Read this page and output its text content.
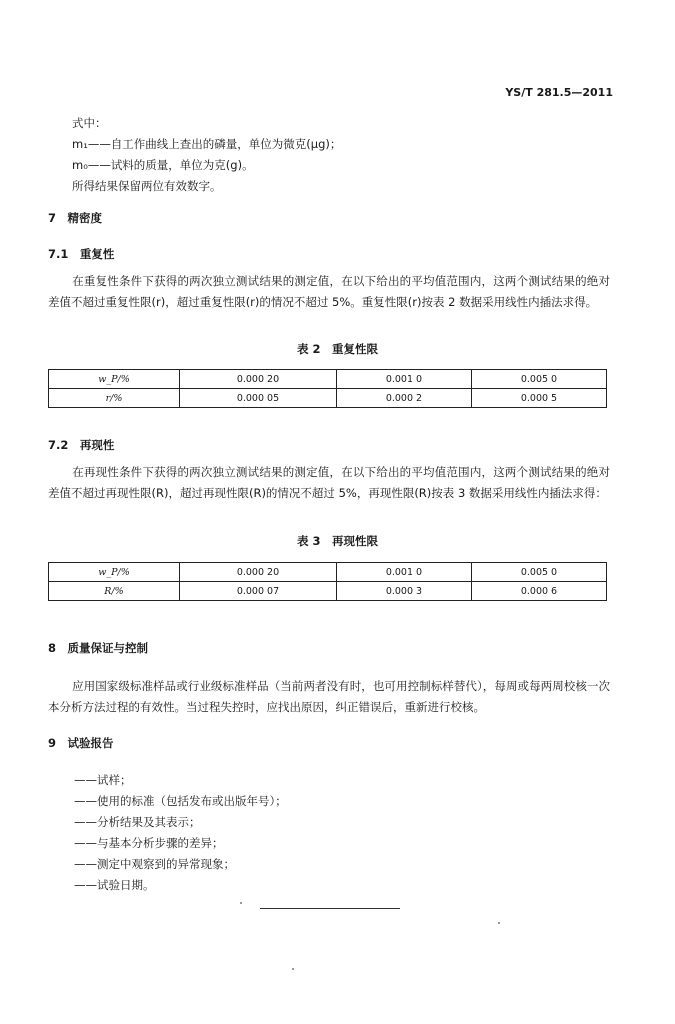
YS/T 281.5—2011
式中：
m₁——自工作曲线上查出的磷量，单位为微克(μg)；
m₀——试料的质量，单位为克(g)。
所得结果保留两位有效数字。
7　精密度
7.1　重复性
在重复性条件下获得的两次独立测试结果的测定值，在以下给出的平均值范围内，这两个测试结果的绝对差值不超过重复性限(r)，超过重复性限(r)的情况不超过 5%。重复性限(r)按表 2 数据采用线性内插法求得。
表 2　重复性限
w_P/%	0.000 20	0.001 0	0.005 0
r/%	0.000 05	0.000 2	0.000 5
7.2　再现性
在再现性条件下获得的两次独立测试结果的测定值，在以下给出的平均值范围内，这两个测试结果的绝对差值不超过再现性限(R)，超过再现性限(R)的情况不超过 5%，再现性限(R)按表 3 数据采用线性内插法求得：
表 3　再现性限
w_P/%	0.000 20	0.001 0	0.005 0
R/%	0.000 07	0.000 3	0.000 6
8　质量保证与控制
应用国家级标准样品或行业级标准样品（当前两者没有时，也可用控制标样替代），每周或每两周校核一次本分析方法过程的有效性。当过程失控时，应找出原因，纠正错误后，重新进行校核。
9　试验报告
——试样；
——使用的标准（包括发布或出版年号）；
——分析结果及其表示；
——与基本分析步骤的差异；
——测定中观察到的异常现象；
——试验日期。
